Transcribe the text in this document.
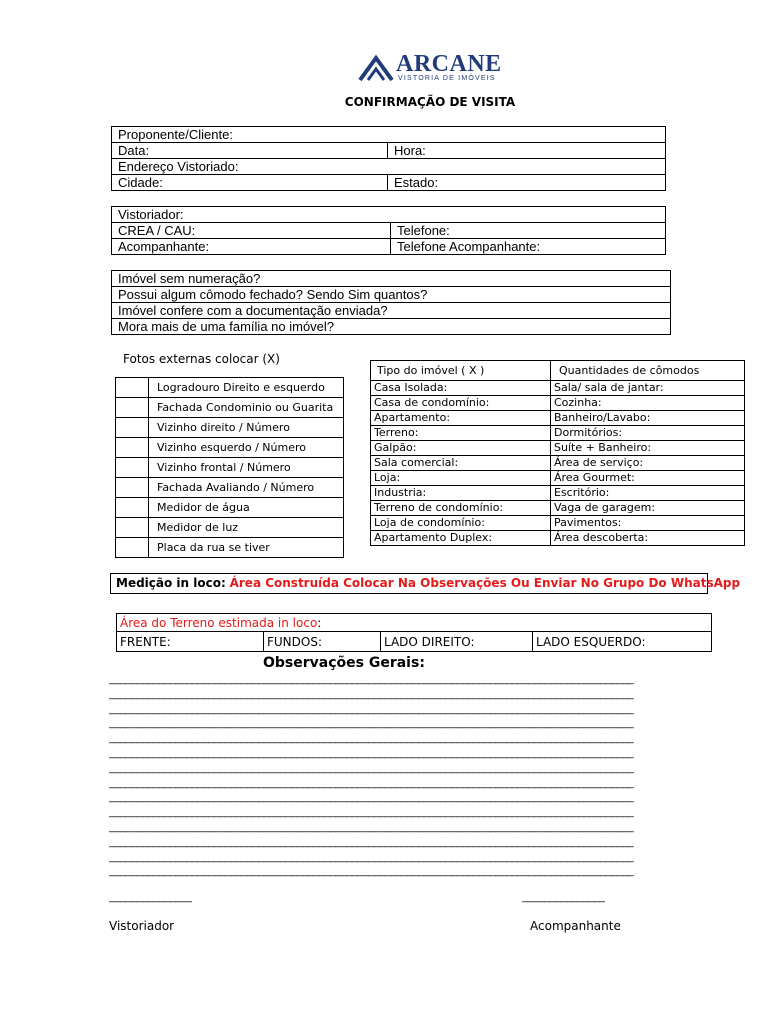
ARCANE
VISTORIA DE IMÓVEIS
CONFIRMAÇÃO DE VISITA
Proponente/Cliente:
Data:	Hora:
Endereço Vistoriado:
Cidade:	Estado:
Vistoriador:
CREA / CAU:	Telefone:
Acompanhante:	Telefone Acompanhante:
Imóvel sem numeração?
Possui algum cômodo fechado? Sendo Sim quantos?
Imóvel confere com a documentação enviada?
Mora mais de uma família no imóvel?
Fotos externas colocar (X)
	Logradouro Direito e esquerdo
	Fachada Condominio ou Guarita
	Vizinho direito / Número
	Vizinho esquerdo / Número
	Vizinho frontal / Número
	Fachada Avaliando / Número
	Medidor de água
	Medidor de luz
	Placa da rua se tiver
Tipo do imóvel ( X )	Quantidades de cômodos
Casa Isolada:	Sala/ sala de jantar:
Casa de condomínio:	Cozinha:
Apartamento:	Banheiro/Lavabo:
Terreno:	Dormitórios:
Galpão:	Suíte + Banheiro:
Sala comercial:	Área de serviço:
Loja:	Área Gourmet:
Industria:	Escritório:
Terreno de condomínio:	Vaga de garagem:
Loja de condomínio:	Pavimentos:
Apartamento Duplex:	Área descoberta:
Medição in loco: Área Construída Colocar Na Observações Ou Enviar No Grupo Do WhatsApp
Área do Terreno estimada in loco:
FRENTE:	FUNDOS:	LADO DIREITO:	LADO ESQUERDO:
Observações Gerais:
_______________________________________________________________________________________________
_______________________________________________________________________________________________
_______________________________________________________________________________________________
_______________________________________________________________________________________________
_______________________________________________________________________________________________
_______________________________________________________________________________________________
_______________________________________________________________________________________________
_______________________________________________________________________________________________
_______________________________________________________________________________________________
_______________________________________________________________________________________________
_______________________________________________________________________________________________
_______________________________________________________________________________________________
_______________________________________________________________________________________________
_______________________________________________________________________________________________
_______________	_______________
Vistoriador	Acompanhante
